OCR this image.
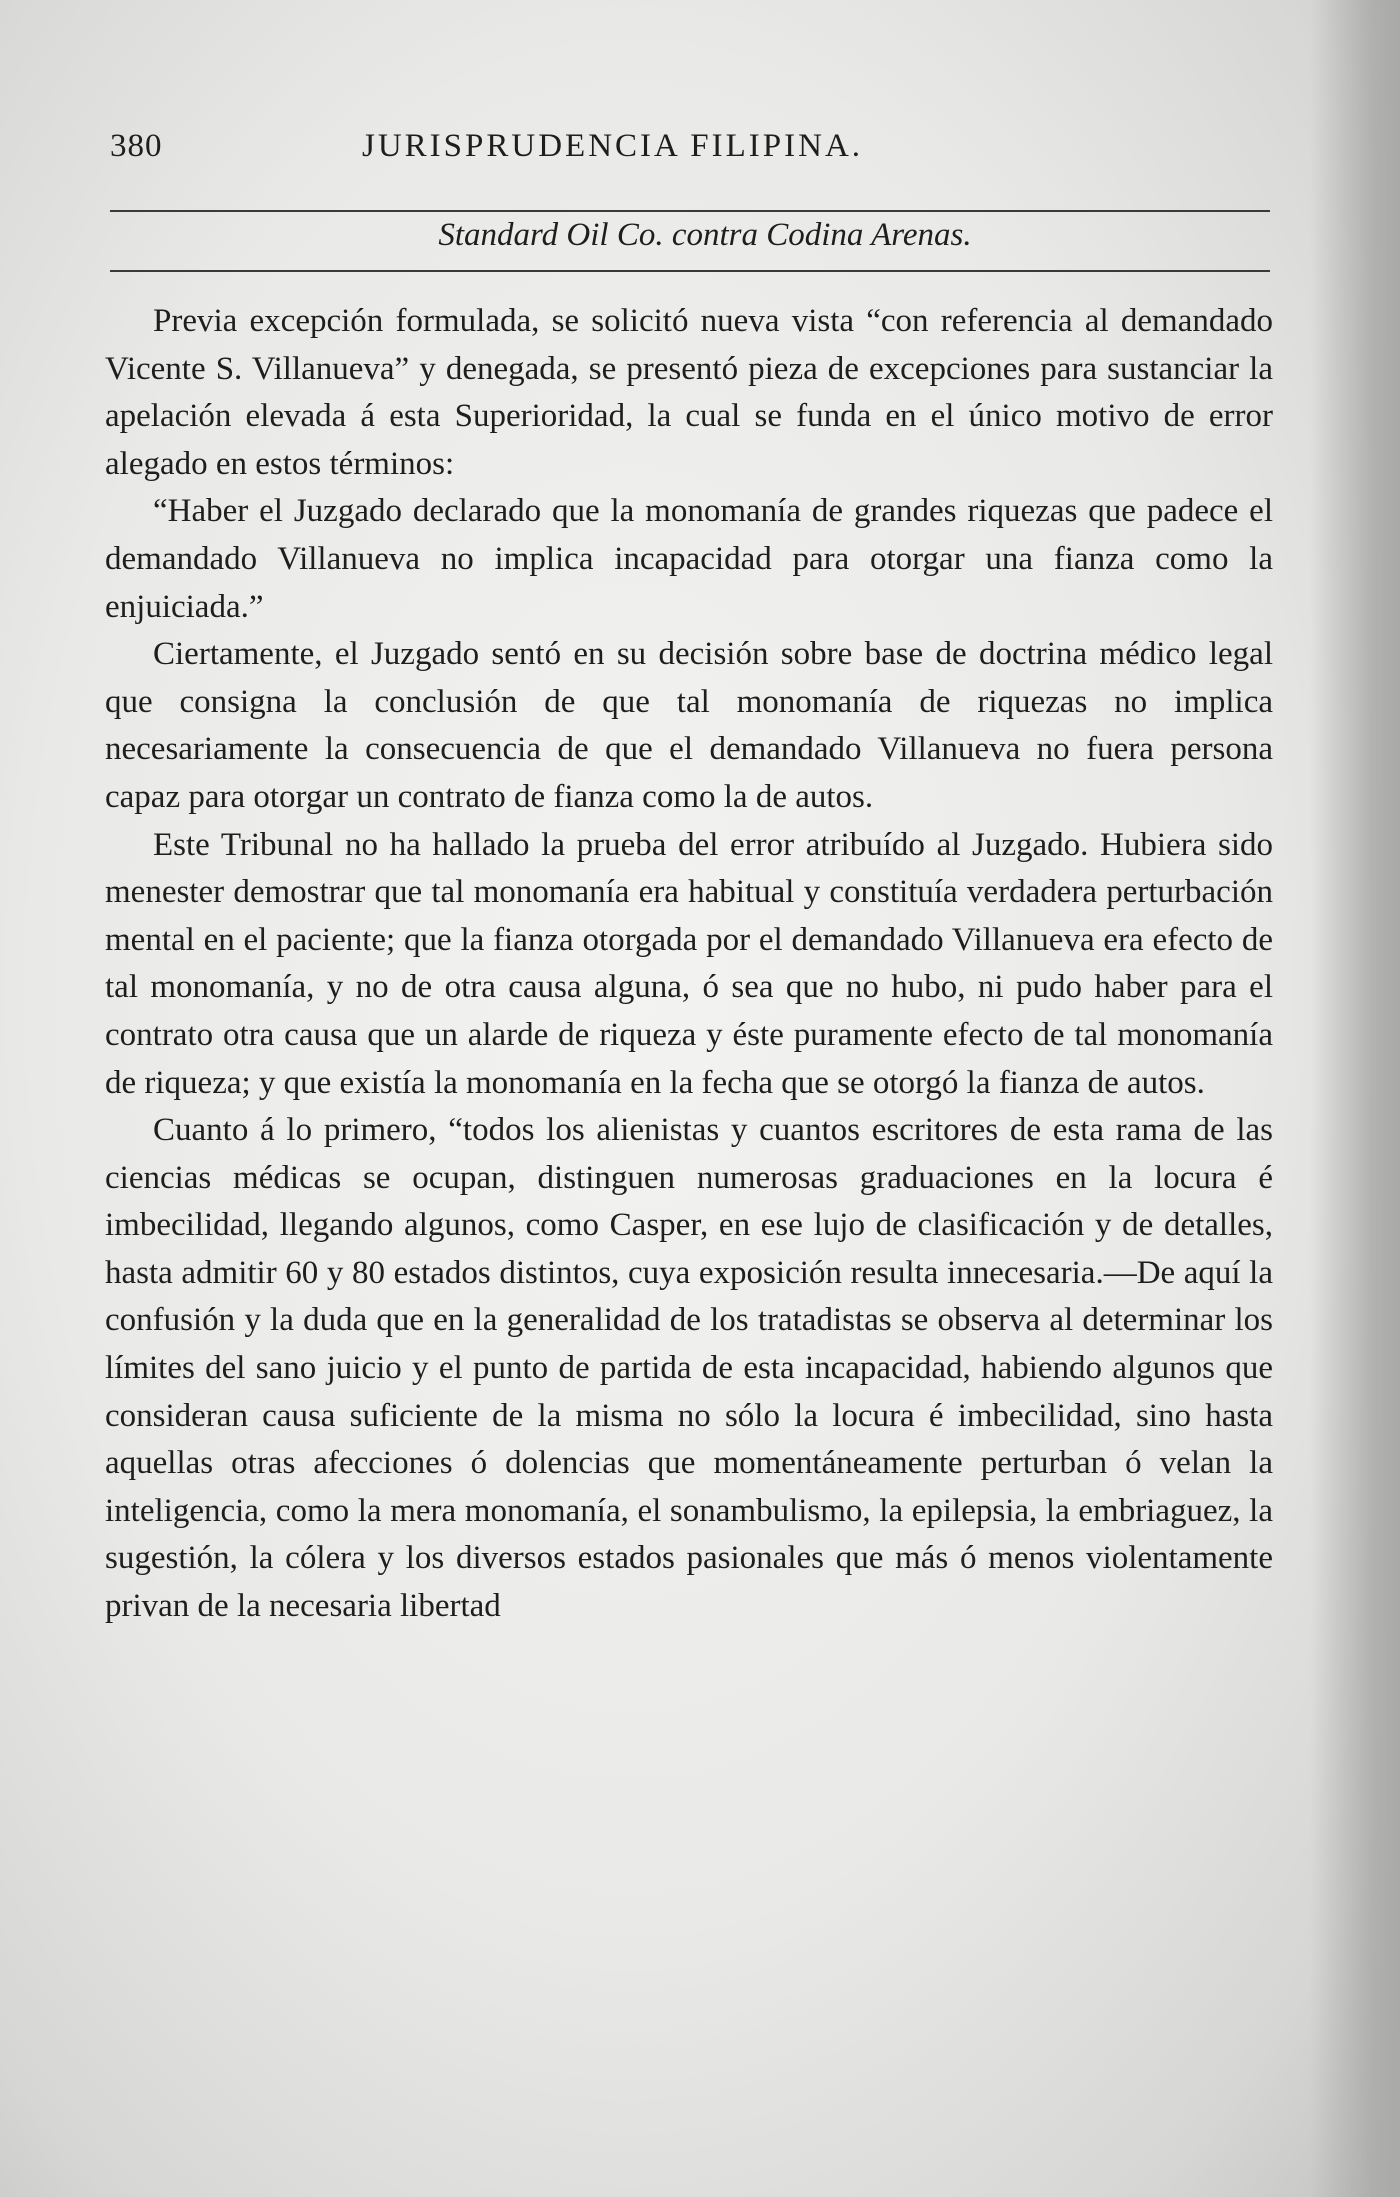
380	JURISPRUDENCIA FILIPINA.
Standard Oil Co. contra Codina Arenas.

Previa excepción formulada, se solicitó nueva vista “con referencia al demandado Vicente S. Villanueva” y denegada, se presentó pieza de excepciones para sustanciar la apelación elevada á esta Superioridad, la cual se funda en el único motivo de error alegado en estos términos:

“Haber el Juzgado declarado que la monomanía de grandes riquezas que padece el demandado Villanueva no implica incapacidad para otorgar una fianza como la enjuiciada.”

Ciertamente, el Juzgado sentó en su decisión sobre base de doctrina médico legal que consigna la conclusión de que tal monomanía de riquezas no implica necesariamente la consecuencia de que el demandado Villanueva no fuera persona capaz para otorgar un contrato de fianza como la de autos.

Este Tribunal no ha hallado la prueba del error atribuído al Juzgado. Hubiera sido menester demostrar que tal monomanía era habitual y constituía verdadera perturbación mental en el paciente; que la fianza otorgada por el demandado Villanueva era efecto de tal monomanía, y no de otra causa alguna, ó sea que no hubo, ni pudo haber para el contrato otra causa que un alarde de riqueza y éste puramente efecto de tal monomanía de riqueza; y que existía la monomanía en la fecha que se otorgó la fianza de autos.

Cuanto á lo primero, “todos los alienistas y cuantos escritores de esta rama de las ciencias médicas se ocupan, distinguen numerosas graduaciones en la locura é imbecilidad, llegando algunos, como Casper, en ese lujo de clasificación y de detalles, hasta admitir 60 y 80 estados distintos, cuya exposición resulta innecesaria.—De aquí la confusión y la duda que en la generalidad de los tratadistas se observa al determinar los límites del sano juicio y el punto de partida de esta incapacidad, habiendo algunos que consideran causa suficiente de la misma no sólo la locura é imbecilidad, sino hasta aquellas otras afecciones ó dolencias que momentáneamente perturban ó velan la inteligencia, como la mera monomanía, el sonambulismo, la epilepsia, la embriaguez, la sugestión, la cólera y los diversos estados pasionales que más ó menos violentamente privan de la necesaria libertad
